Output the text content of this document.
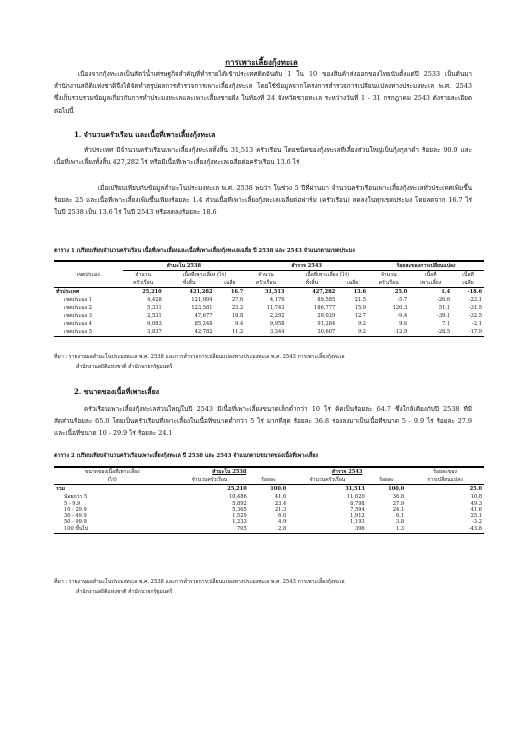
การเพาะเลี้ยงกุ้งทะเล
เนื่องจากกุ้งทะเลเป็นสัตว์น้ำเศรษฐกิจสำคัญที่ทำรายได้เข้าประเทศติดอันดับ 1 ใน 10 ของสินค้าส่งออกของไทยนับตั้งแต่ปี 2533 เป็นต้นมา สำนักงานสถิติแห่งชาติจึงได้จัดทำสรุปผลการสำรวจการเพาะเลี้ยงกุ้งทะเล โดยใช้ข้อมูลจากโครงการสำรวจการเปลี่ยนแปลงทางประมงทะเล พ.ศ. 2543 ซึ่งเก็บรวบรวมข้อมูลเกี่ยวกับการทำประมงทะเลและเพาะเลี้ยงชายฝั่ง ในท้องที่ 24 จังหวัดชายทะเล ระหว่างวันที่ 1 - 31 กรกฎาคม 2543 ดังรายละเอียดต่อไปนี้
1. จำนวนครัวเรือน และเนื้อที่เพาะเลี้ยงกุ้งทะเล
ทั่วประเทศ มีจำนวนครัวเรือนเพาะเลี้ยงกุ้งทะเลทั้งสิ้น 31,513 ครัวเรือน โดยชนิดของกุ้งทะเลที่เลี้ยงส่วนใหญ่เป็นกุ้งกุลาดำ ร้อยละ 90.9 และเนื้อที่เพาะเลี้ยงทั้งสิ้น 427,282 ไร่ หรือมีเนื้อที่เพาะเลี้ยงกุ้งทะเลเฉลี่ยต่อครัวเรือน 13.6 ไร่
เมื่อเปรียบเทียบกับข้อมูลสำมะโนประมงทะเล พ.ศ. 2538 พบว่า ในช่วง 5 ปีที่ผ่านมา จำนวนครัวเรือนเพาะเลี้ยงกุ้งทะเลทั่วประเทศเพิ่มขึ้นร้อยละ 25 และเนื้อที่เพาะเลี้ยงเพิ่มขึ้นเพียงร้อยละ 1.4 ส่วนเนื้อที่เพาะเลี้ยงกุ้งทะเลเฉลี่ยต่อฟาร์ม (ครัวเรือน) ลดลงในทุกเขตประมง โดยลดจาก 16.7 ไร่ ในปี 2538 เป็น 13.6 ไร่ ในปี 2543 หรือลดลงร้อยละ 18.6
ตาราง 1 เปรียบเทียบจำนวนครัวเรือน เนื้อที่เพาะเลี้ยงและเนื้อที่เพาะเลี้ยงกุ้งทะเลเฉลี่ย ปี 2538 และ 2543 จำแนกตามเขตประมง
	สำมะโน 2538			สำรวจ 2543			ร้อยละของการเปลี่ยนแปลง		
เขตประมง	จำนวน	เนื้อที่เพาะเลี้ยง (ไร่)		จำนวน	เนื้อที่เพาะเลี้ยง (ไร่)		จำนวน	เนื้อที่	เนื้อที่
	ครัวเรือน	ทั้งสิ้น	เฉลี่ย	ครัวเรือน	ทั้งสิ้น	เฉลี่ย	ครัวเรือน	เพาะเลี้ยง	เฉลี่ย
ทั่วประเทศ	25,210	421,282	16.7	31,513	427,282	13.6	25.0	1.4	-18.6
เขตประมง 1	4,428	121,994	27.6	4,176	89,585	21.5	-5.7	-26.6	-22.1
เขตประมง 2	5,331	123,581	23.2	11,743	186,777	15.9	120.3	51.1	-31.5
เขตประมง 3	2,531	47,677	18.8	2,292	29,029	12.7	-9.4	-39.1	-32.5
เขตประมง 4	9,083	85,248	9.4	9,958	91,284	9.2	9.6	7.1	-2.1
เขตประมง 5	3,837	42,782	11.2	3,344	30,607	9.2	-12.9	-28.5	-17.9
ที่มา : รายงานผลสำมะโนประมงทะเล พ.ศ. 2538 และการสำรวจการเปลี่ยนแปลงทางประมงทะเล พ.ศ. 2543 การเพาะเลี้ยงกุ้งทะเล
สำนักงานสถิติแห่งชาติ สำนักนายกรัฐมนตรี
2. ขนาดของเนื้อที่เพาะเลี้ยง
ครัวเรือนเพาะเลี้ยงกุ้งทะเลส่วนใหญ่ในปี 2543 มีเนื้อที่เพาะเลี้ยงขนาดเล็กต่ำกว่า 10 ไร่ คิดเป็นร้อยละ 64.7 ซึ่งใกล้เคียงกับปี 2538 ที่มีสัดส่วนร้อยละ 65.0 โดยเป็นครัวเรือนที่เพาะเลี้ยงในเนื้อที่ขนาดต่ำกว่า 5 ไร่ มากที่สุด ร้อยละ 36.8 รองลงมาเป็นเนื้อที่ขนาด 5 - 9.9 ไร่ ร้อยละ 27.9 และเนื้อที่ขนาด 10 - 29.9 ไร่ ร้อยละ 24.1
ตาราง 2 เปรียบเทียบจำนวนครัวเรือนเพาะเลี้ยงกุ้งทะเล ปี 2538 และ 2543 จำแนกตามขนาดของเนื้อที่เพาะเลี้ยง
ขนาดของเนื้อที่เพาะเลี้ยง	สำมะโน 2538		สำรวจ 2543		ร้อยละของ
(ไร่)	จำนวนครัวเรือน	ร้อยละ	จำนวนครัวเรือน	ร้อยละ	การเปลี่ยนแปลง
รวม	25,210	100.0	31,513	100.0	25.0
น้อยกว่า 5	10,486	41.6	11,620	36.8	10.8
5 - 9.9	5,892	23.4	8,798	27.9	49.3
10 - 29.9	5,365	21.3	7,594	24.1	41.6
30 - 49.9	1,529	6.0	1,912	6.1	25.1
50 - 99.9	1,233	4.9	1,193	3.8	-3.2
100 ขึ้นไป	705	2.8	396	1.3	-43.8
ที่มา : รายงานผลสำมะโนประมงทะเล พ.ศ. 2538 และการสำรวจการเปลี่ยนแปลงทางประมงทะเล พ.ศ. 2543 การเพาะเลี้ยงกุ้งทะเล
สำนักงานสถิติแห่งชาติ สำนักนายกรัฐมนตรี
